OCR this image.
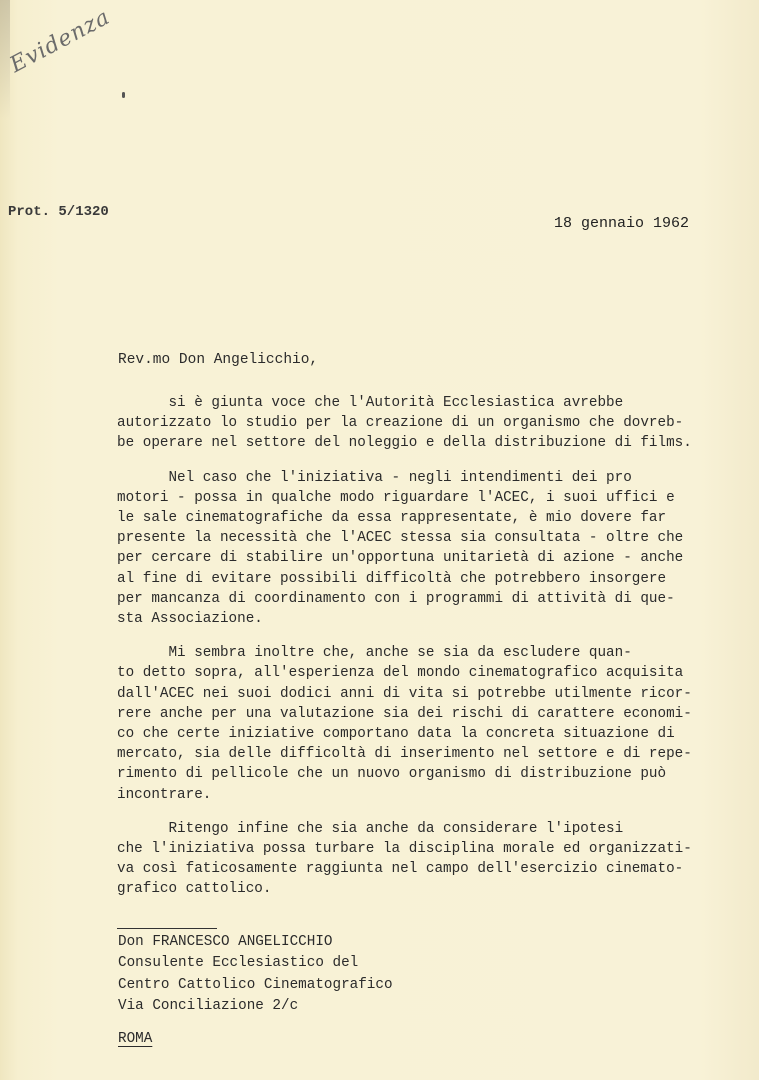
Evidenza
Prot. 5/1320
18 gennaio 1962
Rev.mo Don Angelicchio,
si è giunta voce che l'Autorità Ecclesiastica avrebbe
autorizzato lo studio per la creazione di un organismo che dovreb-
be operare nel settore del noleggio e della distribuzione di films.
Nel caso che l'iniziativa - negli intendimenti dei pro
motori - possa in qualche modo riguardare l'ACEC, i suoi uffici e
le sale cinematografiche da essa rappresentate, è mio dovere far
presente la necessità che l'ACEC stessa sia consultata - oltre che
per cercare di stabilire un'opportuna unitarietà di azione - anche
al fine di evitare possibili difficoltà che potrebbero insorgere
per mancanza di coordinamento con i programmi di attività di que-
sta Associazione.
Mi sembra inoltre che, anche se sia da escludere quan-
to detto sopra, all'esperienza del mondo cinematografico acquisita
dall'ACEC nei suoi dodici anni di vita si potrebbe utilmente ricor-
rere anche per una valutazione sia dei rischi di carattere economi-
co che certe iniziative comportano data la concreta situazione di
mercato, sia delle difficoltà di inserimento nel settore e di repe-
rimento di pellicole che un nuovo organismo di distribuzione può
incontrare.
Ritengo infine che sia anche da considerare l'ipotesi
che l'iniziativa possa turbare la disciplina morale ed organizzati-
va così faticosamente raggiunta nel campo dell'esercizio cinemato-
grafico cattolico.
Don FRANCESCO ANGELICCHIO
Consulente Ecclesiastico del
Centro Cattolico Cinematografico
Via Conciliazione 2/c
ROMA
